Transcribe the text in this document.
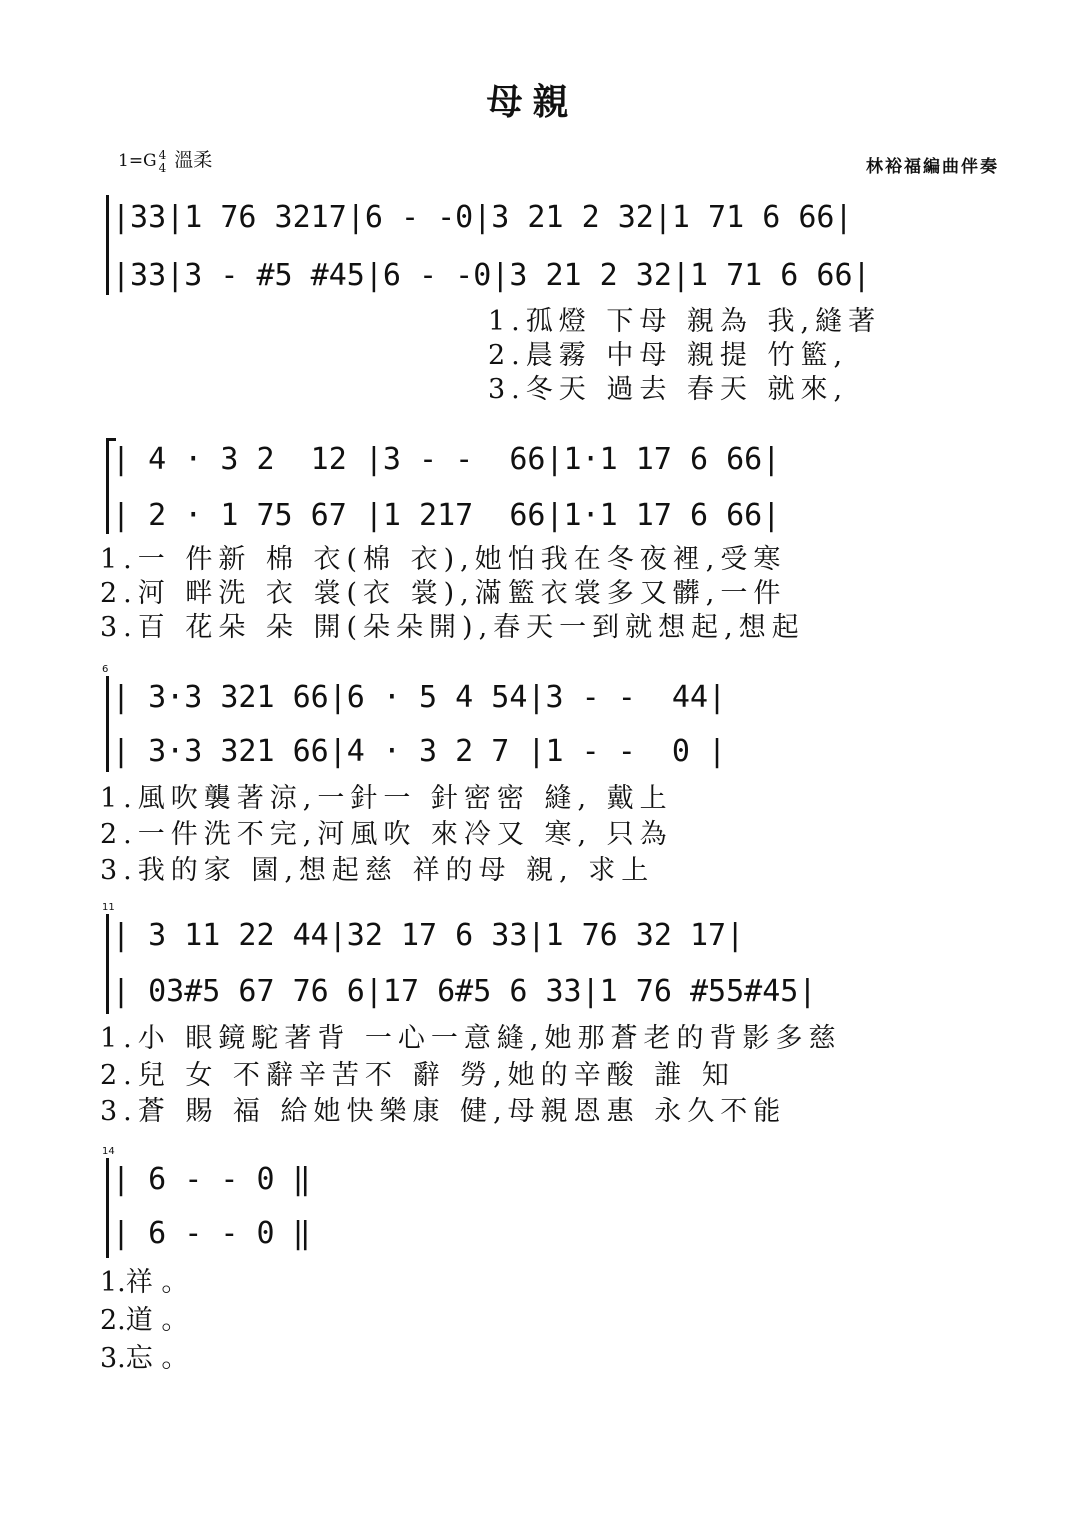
母親
1=G 4
4 溫柔	林裕福編曲伴奏
|33|1 76 3217|6 - -0|3 21 2 32|1 71 6 66|
|33|3 - #5 #45|6 - -0|3 21 2 32|1 71 6 66|
1.孤燈 下母 親為 我,縫著
2.晨霧 中母 親提 竹籃,
3.冬天 過去 春天 就來,
| 4 · 3 2  12 |3 - -  66|1·1 17 6 66|
| 2 · 1 75 67 |1 217  66|1·1 17 6 66|
1.一 件新 棉 衣(棉 衣),她怕我在冬夜裡,受寒
2.河 畔洗 衣 裳(衣 裳),滿籃衣裳多又髒,一件
3.百 花朵 朵 開(朵朵開),春天一到就想起,想起
6
| 3·3 321 66|6 · 5 4 54|3 - -  44|
| 3·3 321 66|4 · 3 2 7 |1 - -  0 |
1.風吹襲著涼,一針一 針密密 縫, 戴上
2.一件洗不完,河風吹 來冷又 寒, 只為
3.我的家 園,想起慈 祥的母 親, 求上
11
| 3 11 22 44|32 17 6 33|1 76 32 17|
| 03#5 67 76 6|17 6#5 6 33|1 76 #55#45|
1.小 眼鏡駝著背 一心一意縫,她那蒼老的背影多慈
2.兒 女 不辭辛苦不 辭 勞,她的辛酸 誰 知
3.蒼 賜 福 給她快樂康 健,母親恩惠 永久不能
14
| 6 - - 0 ‖
| 6 - - 0 ‖
1.祥 。
2.道 。
3.忘 。
